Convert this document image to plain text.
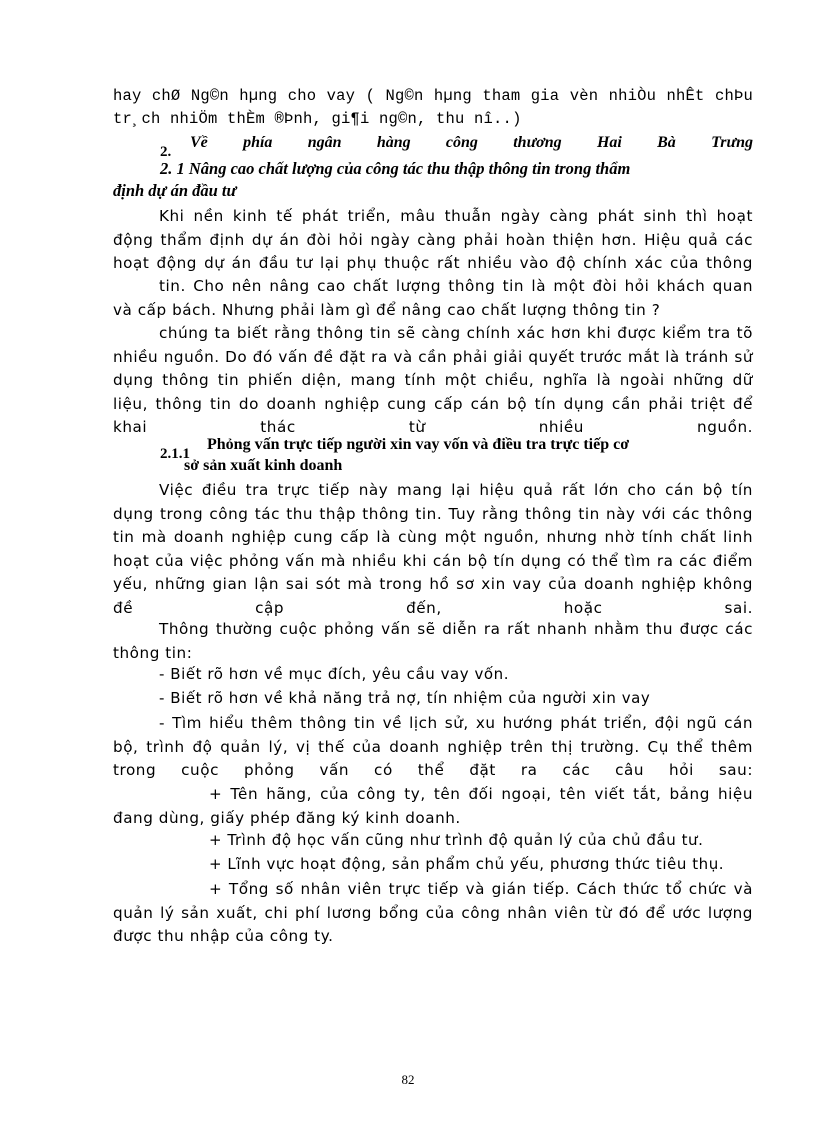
hay chØ Ng©n hµng cho vay ( Ng©n hµng tham gia vèn nhiÒu nhÊt chÞu
tr¸ch nhiÖm thÈm ®Þnh, gi¶i ng©n, thu nî..)
2.
Về phía ngân hàng công thương Hai Bà Trưng
2. 1 Nâng cao chất lượng của công tác thu thập thông tin trong thẩm
định dự án đầu tư
Khi nền kinh tế phát triển, mâu thuẫn ngày càng phát sinh thì hoạt
động thẩm định dự án đòi hỏi ngày càng phải hoàn thiện hơn. Hiệu quả các
hoạt động dự án đầu tư lại phụ thuộc rất nhiều vào độ chính xác của thông
tin. Cho nên nâng cao chất lượng thông tin là một đòi hỏi khách quan
và cấp bách. Nhưng phải làm gì để nâng cao chất lượng thông tin ?
chúng ta biết rằng thông tin sẽ càng chính xác hơn khi được kiểm tra tõ
nhiều nguồn. Do đó vấn đề đặt ra và cần phải giải quyết trước mắt là tránh sử
dụng thông tin phiến diện, mang tính một chiều, nghĩa là ngoài những dữ
liệu, thông tin do doanh nghiệp cung cấp cán bộ tín dụng cần phải triệt để
khai thác từ nhiều nguồn.
2.1.1
Phỏng vấn trực tiếp người xin vay vốn và điều tra trực tiếp cơ
sở sản xuất kinh doanh
Việc điều tra trực tiếp này mang lại hiệu quả rất lớn cho cán bộ tín
dụng trong công tác thu thập thông tin. Tuy rằng thông tin này với các thông
tin mà doanh nghiệp cung cấp là cùng một nguồn, nhưng nhờ tính chất linh
hoạt của việc phỏng vấn mà nhiều khi cán bộ tín dụng có thể tìm ra các điểm
yếu, những gian lận sai sót mà trong hồ sơ xin vay của doanh nghiệp không
đề cập đến, hoặc sai.
Thông thường cuộc phỏng vấn sẽ diễn ra rất nhanh nhằm thu được các
thông tin:
- Biết rõ hơn về mục đích, yêu cầu vay vốn.
- Biết rõ hơn về khả năng trả nợ, tín nhiệm của người xin vay
- Tìm hiểu thêm thông tin về lịch sử, xu hướng phát triển, đội ngũ cán
bộ, trình độ quản lý, vị thế của doanh nghiệp trên thị trường. Cụ thể thêm
trong cuộc phỏng vấn có thể đặt ra các câu hỏi sau:
+ Tên hãng, của công ty, tên đối ngoại, tên viết tắt, bảng hiệu
đang dùng, giấy phép đăng ký kinh doanh.
+ Trình độ học vấn cũng như trình độ quản lý của chủ đầu tư.
+ Lĩnh vực hoạt động, sản phẩm chủ yếu, phương thức tiêu thụ.
+ Tổng số nhân viên trực tiếp và gián tiếp. Cách thức tổ chức và
quản lý sản xuất, chi phí lương bổng của công nhân viên từ đó để ước lượng
được thu nhập của công ty.
82
